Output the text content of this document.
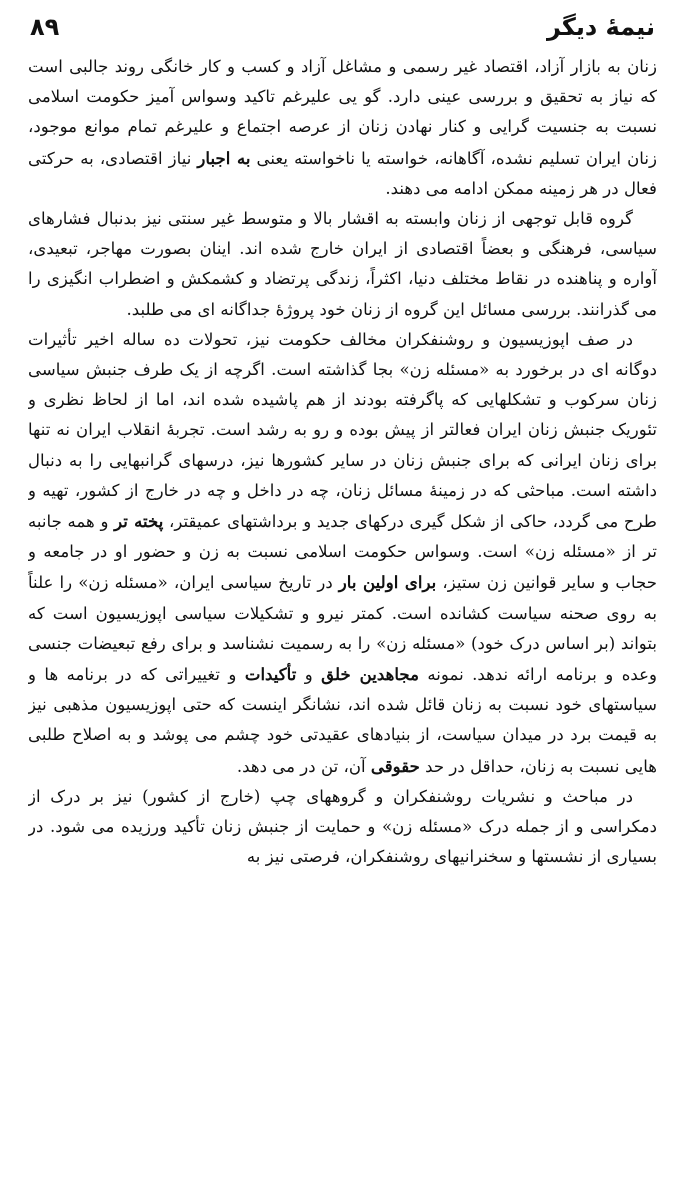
نیمهٔ دیگر
۸۹

زنان به بازار آزاد، اقتصاد غیر رسمی و مشاغل آزاد و کسب و کار خانگی روند جالبی است که نیاز به تحقیق و بررسی عینی دارد. گو یی علیرغم تاکید وسواس آمیز حکومت اسلامی نسبت به جنسیت گرایی و کنار نهادن زنان از عرصه اجتماع و علیرغم تمام موانع موجود، زنان ایران تسلیم نشده، آگاهانه، خواسته یا ناخواسته یعنی به اجبار نیاز اقتصادی، به حرکتی فعال در هر زمینه ممکن ادامه می دهند.

گروه قابل توجهی از زنان وابسته به اقشار بالا و متوسط غیر سنتی نیز بدنبال فشارهای سیاسی، فرهنگی و بعضاً اقتصادی از ایران خارج شده اند. اینان بصورت مهاجر، تبعیدی، آواره و پناهنده در نقاط مختلف دنیا، اکثراً، زندگی پرتضاد و کشمکش و اضطراب انگیزی را می گذرانند. بررسی مسائل این گروه از زنان خود پروژهٔ جداگانه ای می طلبد.

در صف اپوزیسیون و روشنفکران مخالف حکومت نیز، تحولات ده ساله اخیر تأثیرات دوگانه ای در برخورد به «مسئله زن» بجا گذاشته است. اگرچه از یک طرف جنبش سیاسی زنان سرکوب و تشکلهایی که پاگرفته بودند از هم پاشیده شده اند، اما از لحاظ نظری و تئوریک جنبش زنان ایران فعالتر از پیش بوده و رو به رشد است. تجربهٔ انقلاب ایران نه تنها برای زنان ایرانی که برای جنبش زنان در سایر کشورها نیز، درسهای گرانبهایی را به دنبال داشته است. مباحثی که در زمینهٔ مسائل زنان، چه در داخل و چه در خارج از کشور، تهیه و طرح می گردد، حاکی از شکل گیری درکهای جدید و برداشتهای عمیقتر، پخته تر و همه جانبه تر از «مسئله زن» است. وسواس حکومت اسلامی نسبت به زن و حضور او در جامعه و حجاب و سایر قوانین زن ستیز، برای اولین بار در تاریخ سیاسی ایران، «مسئله زن» را علناً به روی صحنه سیاست کشانده است. کمتر نیرو و تشکیلات سیاسی اپوزیسیون است که بتواند (بر اساس درک خود) «مسئله زن» را به رسمیت نشناسد و برای رفع تبعیضات جنسی وعده و برنامه ارائه ندهد. نمونه مجاهدین خلق و تأکیدات و تغییراتی که در برنامه ها و سیاستهای خود نسبت به زنان قائل شده اند، نشانگر اینست که حتی اپوزیسیون مذهبی نیز به قیمت برد در میدان سیاست، از بنیادهای عقیدتی خود چشم می پوشد و به اصلاح طلبی هایی نسبت به زنان، حداقل در حد حقوقی آن، تن در می دهد.

در مباحث و نشریات روشنفکران و گروههای چپ (خارج از کشور) نیز بر درک از دمکراسی و از جمله درک «مسئله زن» و حمایت از جنبش زنان تأکید ورزیده می شود. در بسیاری از نشستها و سخنرانیهای روشنفکران، فرصتی نیز به
